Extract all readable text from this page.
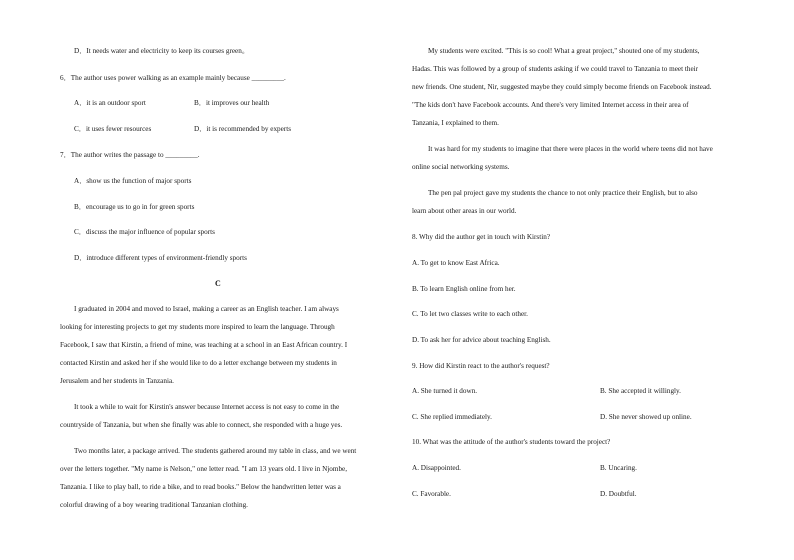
D．It needs water and electricity to keep its courses green。
6．The author uses power walking as an example mainly because _________.
A．it is an outdoor sport	B．it improves our health
C．it uses fewer resources	D．it is recommended by experts
7．The author writes the passage to _________.
A．show us the function of major sports
B．encourage us to go in for green sports
C．discuss the major influence of popular sports
D．introduce different types of environment-friendly sports
C
I graduated in 2004 and moved to Israel, making a career as an English teacher. I am always
looking for interesting projects to get my students more inspired to learn the language. Through
Facebook, I saw that Kirstin, a friend of mine, was teaching at a school in an East African country. I
contacted Kirstin and asked her if she would like to do a letter exchange between my students in
Jerusalem and her students in Tanzania.
It took a while to wait for Kirstin's answer because Internet access is not easy to come in the
countryside of Tanzania, but when she finally was able to connect, she responded with a huge yes.
Two months later, a package arrived. The students gathered around my table in class, and we went
over the letters together. "My name is Nelson," one letter read. "I am 13 years old. I live in Njombe,
Tanzania. I like to play ball, to ride a bike, and to read books." Below the handwritten letter was a
colorful drawing of a boy wearing traditional Tanzanian clothing.
My students were excited. "This is so cool! What a great project," shouted one of my students,
Hadas. This was followed by a group of students asking if we could travel to Tanzania to meet their
new friends. One student, Nir, suggested maybe they could simply become friends on Facebook instead.
"The kids don't have Facebook accounts. And there's very limited Internet access in their area of
Tanzania, I explained to them.
It was hard for my students to imagine that there were places in the world where teens did not have
online social networking systems.
The pen pal project gave my students the chance to not only practice their English, but to also
learn about other areas in our world.
8. Why did the author get in touch with Kirstin?
A. To get to know East Africa.
B. To learn English online from her.
C. To let two classes write to each other.
D. To ask her for advice about teaching English.
9. How did Kirstin react to the author's request?
A. She turned it down.	B. She accepted it willingly.
C. She replied immediately.	D. She never showed up online.
10. What was the attitude of the author's students toward the project?
A. Disappointed.	B. Uncaring.
C. Favorable.	D. Doubtful.
